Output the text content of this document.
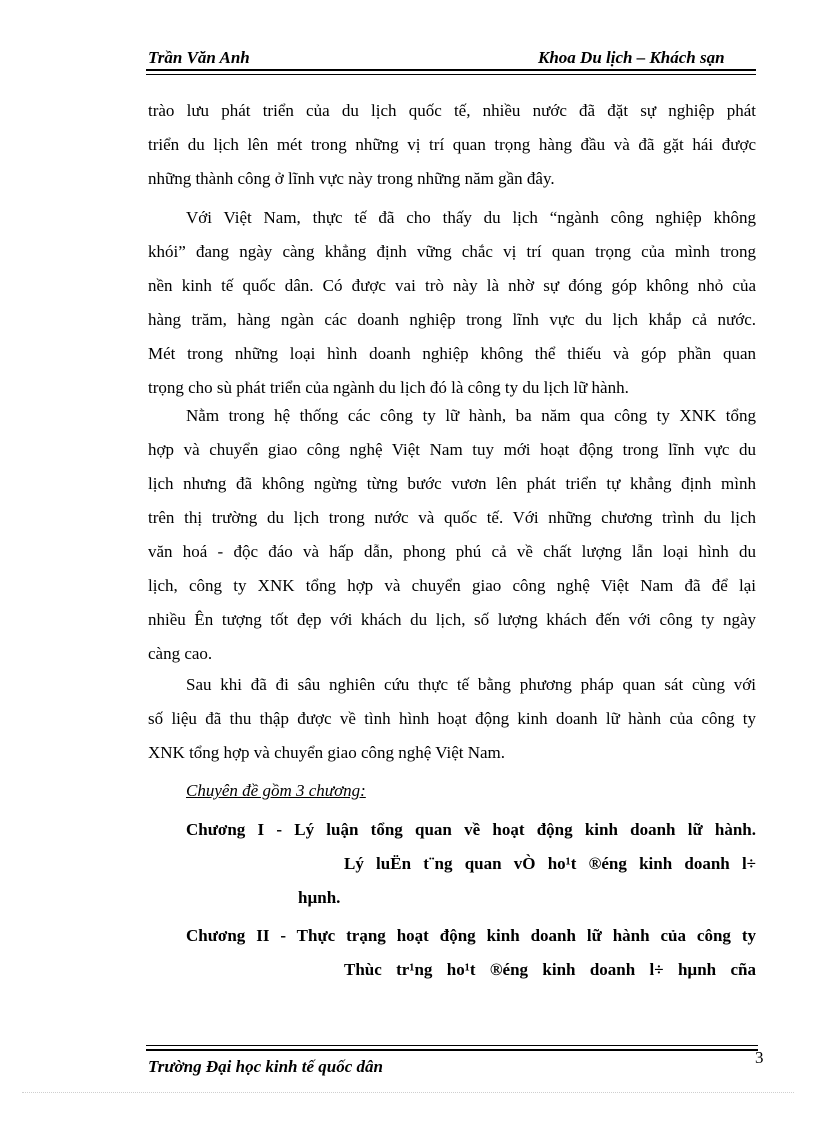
Trần Văn Anh	Khoa Du lịch – Khách sạn
trào lưu phát triển của du lịch quốc tế, nhiều nước đã đặt sự nghiệp phát
triển du lịch lên mét trong những vị trí quan trọng hàng đầu và đã gặt hái được
những thành công ở lĩnh vực này trong những năm gần đây.
Với Việt Nam, thực tế đã cho thấy du lịch “ngành công nghiệp không
khói” đang ngày càng khẳng định vững chắc vị trí quan trọng của mình trong
nền kinh tế quốc dân. Có được vai trò này là nhờ sự đóng góp không nhỏ của
hàng trăm, hàng ngàn các doanh nghiệp trong lĩnh vực du lịch khắp cả nước.
Mét trong những loại hình doanh nghiệp không thể thiếu và góp phần quan
trọng cho sù phát triển của ngành du lịch đó là công ty du lịch lữ hành.
Nằm trong hệ thống các công ty lữ hành, ba năm qua công ty XNK tổng
hợp và chuyển giao công nghệ Việt Nam tuy mới hoạt động trong lĩnh vực du
lịch nhưng đã không ngừng từng bước vươn lên phát triển tự khẳng định mình
trên thị trường du lịch trong nước và quốc tế. Với những chương trình du lịch
văn hoá - độc đáo và hấp dẫn, phong phú cả về chất lượng lẫn loại hình du
lịch, công ty XNK tổng hợp và chuyển giao công nghệ Việt Nam đã để lại
nhiều Ên tượng tốt đẹp với khách du lịch, số lượng khách đến với công ty ngày
càng cao.
Sau khi đã đi sâu nghiên cứu thực tế bằng phương pháp quan sát cùng với
số liệu đã thu thập được về tình hình hoạt động kinh doanh lữ hành của công ty
XNK tổng hợp và chuyển giao công nghệ Việt Nam.
Chuyên đề gồm 3 chương:
Chương I - Lý luận tổng quan về hoạt động kinh doanh lữ hành.
Lý luËn t¨ng quan vÒ ho¹t ®éng kinh doanh l÷
hµnh.
Chương II - Thực trạng hoạt động kinh doanh lữ hành của công ty
Thùc tr¹ng ho¹t ®éng kinh doanh l÷ hµnh cña
Trường Đại học kinh tế quốc dân	3
